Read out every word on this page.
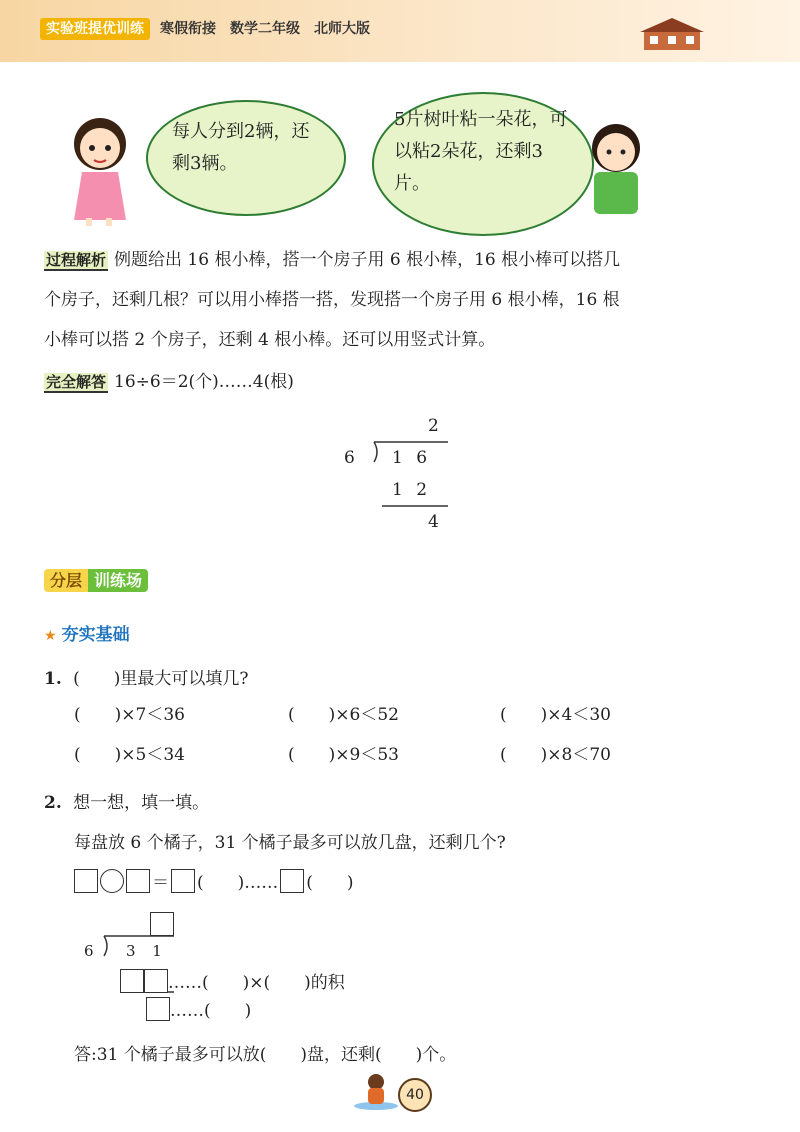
实验班提优训练	寒假衔接　数学二年级　北师大版
每人分到2辆，还剩3辆。
5片树叶粘一朵花，可以粘2朵花，还剩3片。
过程解析 例题给出 16 根小棒，搭一个房子用 6 根小棒，16 根小棒可以搭几
个房子，还剩几根？可以用小棒搭一搭，发现搭一个房子用 6 根小棒，16 根
小棒可以搭 2 个房子，还剩 4 根小棒。还可以用竖式计算。
完全解答 16÷6＝2(个)……4(根)
2
6 1 6
1 2
4
分层 训练场
★ 夯实基础
1. (　　)里最大可以填几?
(　　)×7＜36	(　　)×6＜52	(　　)×4＜30
(　　)×5＜34	(　　)×9＜53	(　　)×8＜70
2. 想一想，填一填。
每盘放 6 个橘子，31 个橘子最多可以放几盘，还剩几个?
＝ (　　)…… (　　)
6 3 1
……(　　)×(　　)的积
……(　　)
答:31 个橘子最多可以放(　　)盘，还剩(　　)个。
40
